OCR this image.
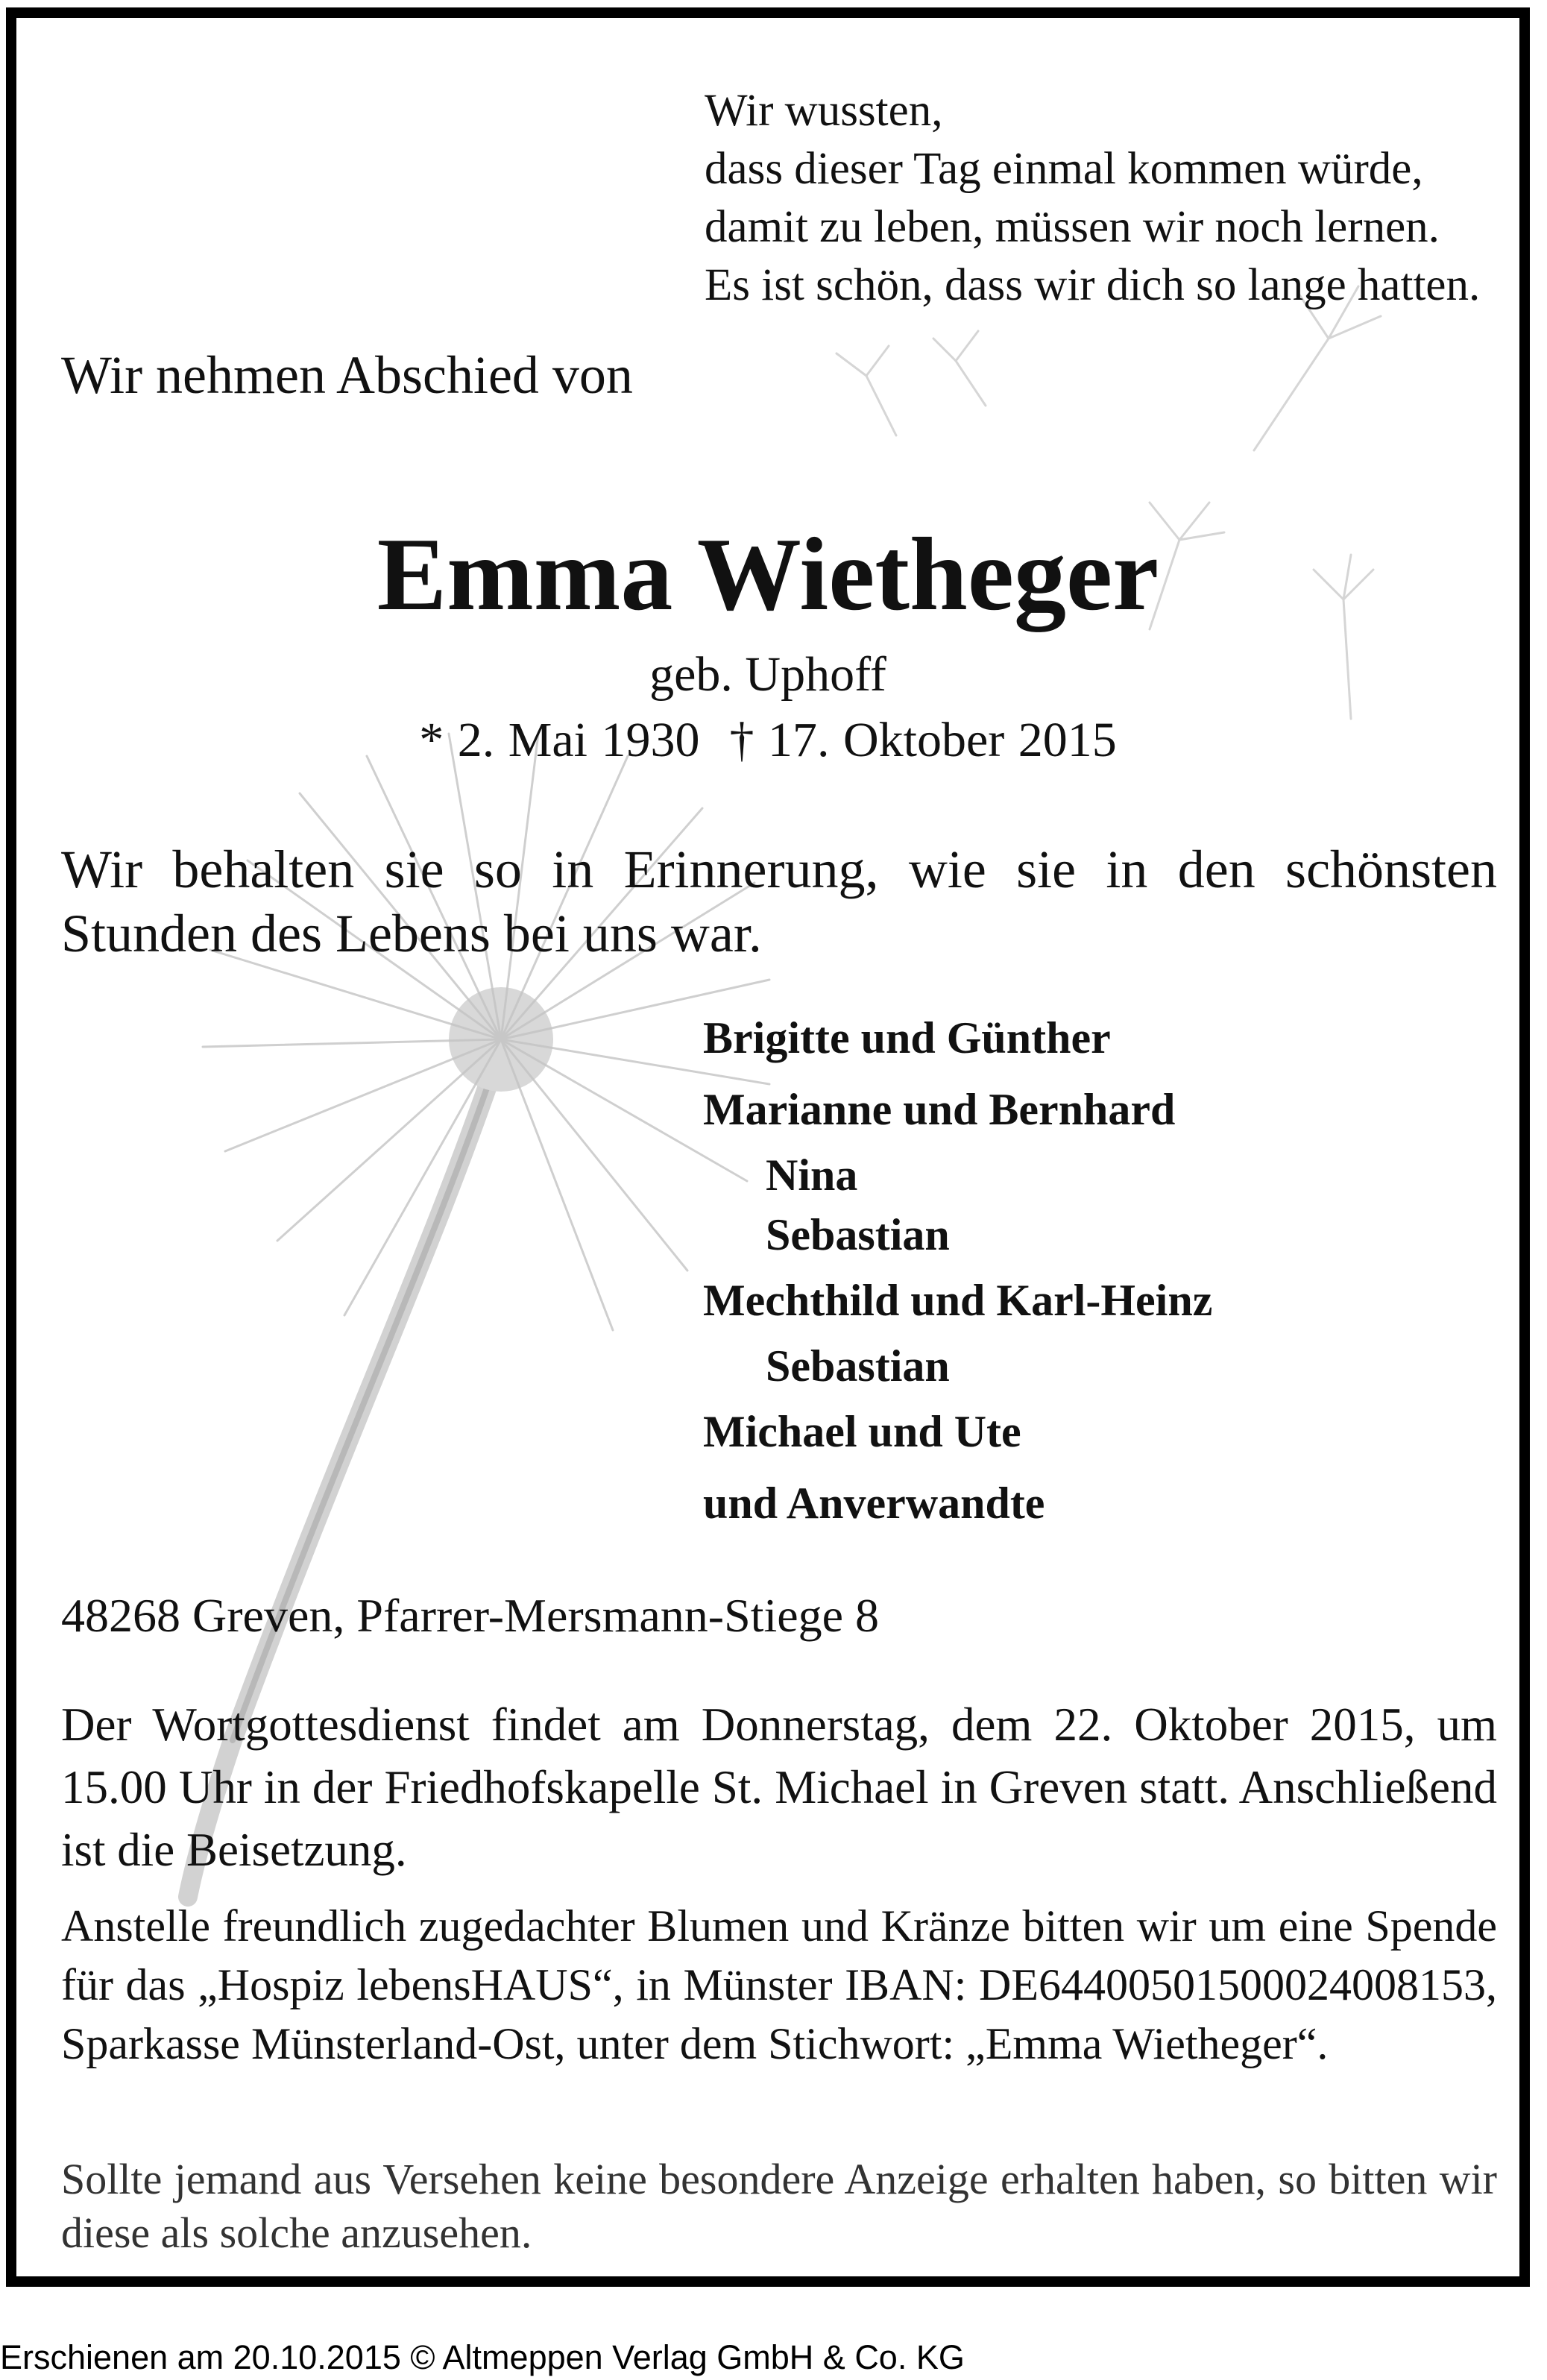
Wir wussten,
dass dieser Tag einmal kommen würde,
damit zu leben, müssen wir noch lernen.
Es ist schön, dass wir dich so lange hatten.
Wir nehmen Abschied von
Emma Wietheger
geb. Uphoff
* 2. Mai 1930 † 17. Oktober 2015
Wir behalten sie so in Erinnerung, wie sie in den schönsten Stunden des Lebens bei uns war.
Brigitte und Günther
Marianne und Bernhard
Nina
Sebastian
Mechthild und Karl-Heinz
Sebastian
Michael und Ute
und Anverwandte
48268 Greven, Pfarrer-Mersmann-Stiege 8
Der Wortgottesdienst findet am Donnerstag, dem 22. Oktober 2015, um 15.00 Uhr in der Friedhofskapelle St. Michael in Greven statt. Anschließend ist die Beisetzung.
Anstelle freundlich zugedachter Blumen und Kränze bitten wir um eine Spende für das „Hospiz lebensHAUS“, in Münster IBAN: DE64400501500024008153, Sparkasse Münsterland-Ost, unter dem Stichwort: „Emma Wietheger“.
Sollte jemand aus Versehen keine besondere Anzeige erhalten haben, so bitten wir diese als solche anzusehen.
Erschienen am 20.10.2015 © Altmeppen Verlag GmbH & Co. KG
